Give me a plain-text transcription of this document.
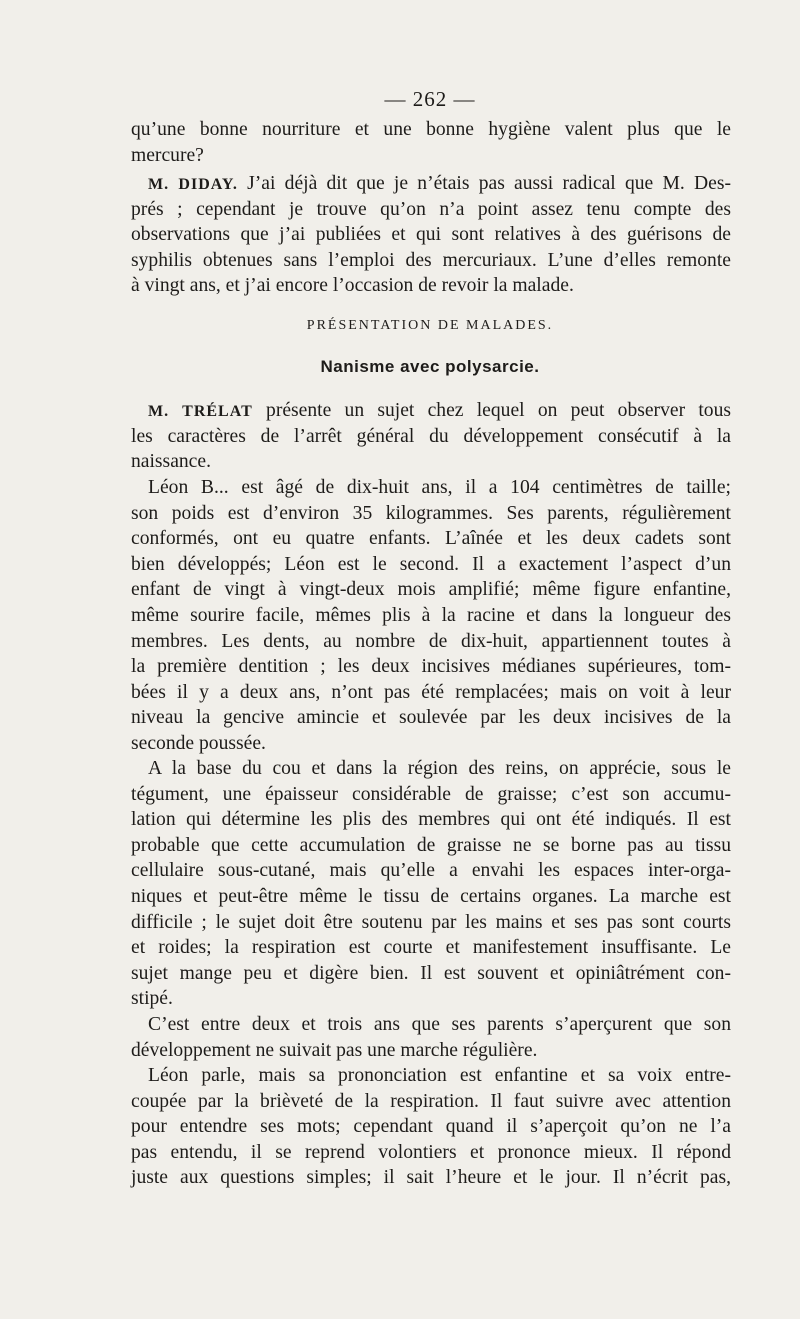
— 262 —
qu’une bonne nourriture et une bonne hygiène valent plus que le
mercure?
M. DIDAY. J’ai déjà dit que je n’étais pas aussi radical que M. Des-
prés ; cependant je trouve qu’on n’a point assez tenu compte des
observations que j’ai publiées et qui sont relatives à des guérisons de
syphilis obtenues sans l’emploi des mercuriaux. L’une d’elles remonte
à vingt ans, et j’ai encore l’occasion de revoir la malade.
PRÉSENTATION DE MALADES.
Nanisme avec polysarcie.
M. TRÉLAT présente un sujet chez lequel on peut observer tous
les caractères de l’arrêt général du développement consécutif à la
naissance.
Léon B... est âgé de dix-huit ans, il a 104 centimètres de taille;
son poids est d’environ 35 kilogrammes. Ses parents, régulièrement
conformés, ont eu quatre enfants. L’aînée et les deux cadets sont
bien développés; Léon est le second. Il a exactement l’aspect d’un
enfant de vingt à vingt-deux mois amplifié; même figure enfantine,
même sourire facile, mêmes plis à la racine et dans la longueur des
membres. Les dents, au nombre de dix-huit, appartiennent toutes à
la première dentition ; les deux incisives médianes supérieures, tom-
bées il y a deux ans, n’ont pas été remplacées; mais on voit à leur
niveau la gencive amincie et soulevée par les deux incisives de la
seconde poussée.
A la base du cou et dans la région des reins, on apprécie, sous le
tégument, une épaisseur considérable de graisse; c’est son accumu-
lation qui détermine les plis des membres qui ont été indiqués. Il est
probable que cette accumulation de graisse ne se borne pas au tissu
cellulaire sous-cutané, mais qu’elle a envahi les espaces inter-orga-
niques et peut-être même le tissu de certains organes. La marche est
difficile ; le sujet doit être soutenu par les mains et ses pas sont courts
et roides; la respiration est courte et manifestement insuffisante. Le
sujet mange peu et digère bien. Il est souvent et opiniâtrément con-
stipé.
C’est entre deux et trois ans que ses parents s’aperçurent que son
développement ne suivait pas une marche régulière.
Léon parle, mais sa prononciation est enfantine et sa voix entre-
coupée par la brièveté de la respiration. Il faut suivre avec attention
pour entendre ses mots; cependant quand il s’aperçoit qu’on ne l’a
pas entendu, il se reprend volontiers et prononce mieux. Il répond
juste aux questions simples; il sait l’heure et le jour. Il n’écrit pas,
